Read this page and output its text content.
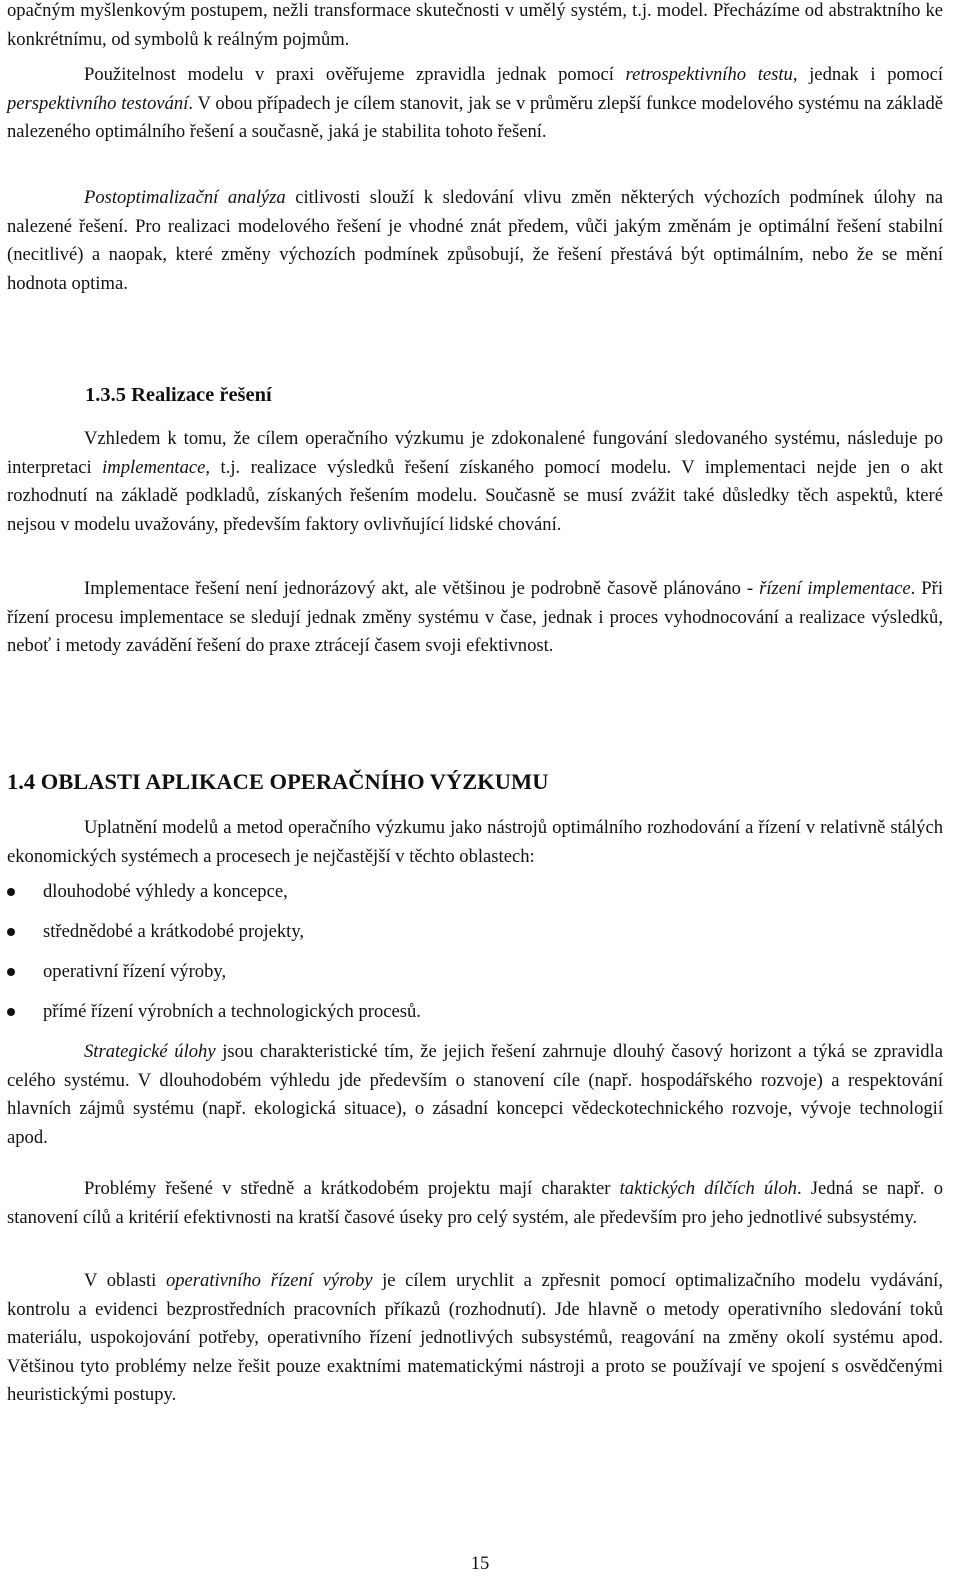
opačným myšlenkovým postupem, nežli transformace skutečnosti v umělý systém, t.j. model. Přecházíme od abstraktního ke konkrétnímu, od symbolů k reálným pojmům.

Použitelnost modelu v praxi ověřujeme zpravidla jednak pomocí retrospektivního testu, jednak i pomocí perspektivního testování. V obou případech je cílem stanovit, jak se v průměru zlepší funkce modelového systému na základě nalezeného optimálního řešení a současně, jaká je stabilita tohoto řešení.

Postoptimalizační analýza citlivosti slouží k sledování vlivu změn některých výchozích podmínek úlohy na nalezené řešení. Pro realizaci modelového řešení je vhodné znát předem, vůči jakým změnám je optimální řešení stabilní (necitlivé) a naopak, které změny výchozích podmínek způsobují, že řešení přestává být optimálním, nebo že se mění hodnota optima.

1.3.5 Realizace řešení

Vzhledem k tomu, že cílem operačního výzkumu je zdokonalené fungování sledovaného systému, následuje po interpretaci implementace, t.j. realizace výsledků řešení získaného pomocí modelu. V implementaci nejde jen o akt rozhodnutí na základě podkladů, získaných řešením modelu. Současně se musí zvážit také důsledky těch aspektů, které nejsou v modelu uvažovány, především faktory ovlivňující lidské chování.

Implementace řešení není jednorázový akt, ale většinou je podrobně časově plánováno - řízení implementace. Při řízení procesu implementace se sledují jednak změny systému v čase, jednak i proces vyhodnocování a realizace výsledků, neboť i metody zavádění řešení do praxe ztrácejí časem svoji efektivnost.

1.4 OBLASTI APLIKACE OPERAČNÍHO VÝZKUMU

Uplatnění modelů a metod operačního výzkumu jako nástrojů optimálního rozhodování a řízení v relativně stálých ekonomických systémech a procesech je nejčastější v těchto oblastech:

dlouhodobé výhledy a koncepce,
střednědobé a krátkodobé projekty,
operativní řízení výroby,
přímé řízení výrobních a technologických procesů.

Strategické úlohy jsou charakteristické tím, že jejich řešení zahrnuje dlouhý časový horizont a týká se zpravidla celého systému. V dlouhodobém výhledu jde především o stanovení cíle (např. hospodářského rozvoje) a respektování hlavních zájmů systému (např. ekologická situace), o zásadní koncepci vědeckotechnického rozvoje, vývoje technologií apod.

Problémy řešené v středně a krátkodobém projektu mají charakter taktických dílčích úloh. Jedná se např. o stanovení cílů a kritérií efektivnosti na kratší časové úseky pro celý systém, ale především pro jeho jednotlivé subsystémy.

V oblasti operativního řízení výroby je cílem urychlit a zpřesnit pomocí optimalizačního modelu vydávání, kontrolu a evidenci bezprostředních pracovních příkazů (rozhodnutí). Jde hlavně o metody operativního sledování toků materiálu, uspokojování potřeby, operativního řízení jednotlivých subsystémů, reagování na změny okolí systému apod. Většinou tyto problémy nelze řešit pouze exaktními matematickými nástroji a proto se používají ve spojení s osvědčenými heuristickými postupy.

15
